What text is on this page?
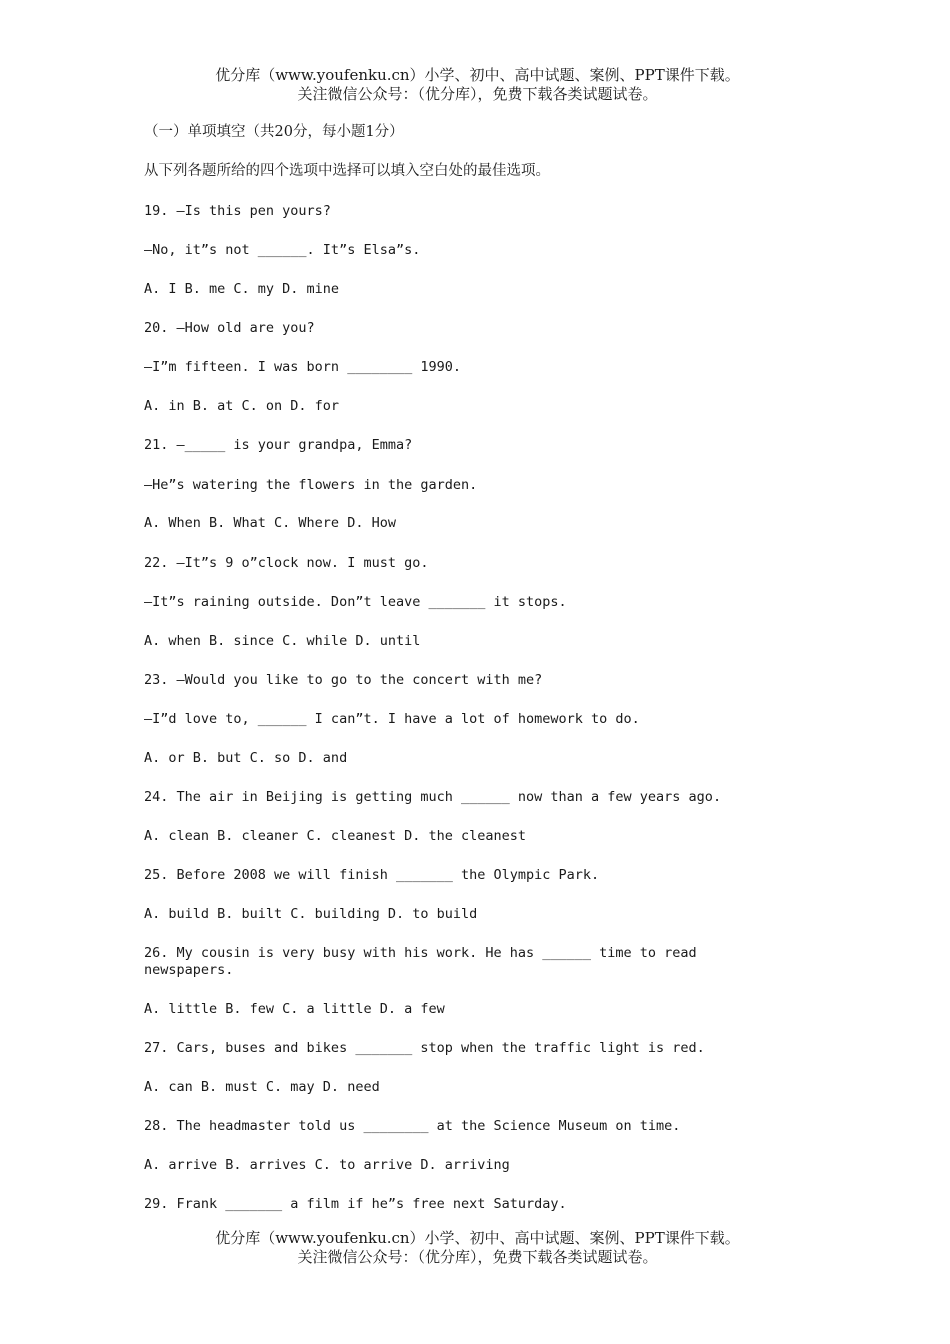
优分库（www.youfenku.cn）小学、初中、高中试题、案例、PPT课件下载。
关注微信公众号：（优分库），免费下载各类试题试卷。
（一）单项填空（共20分，每小题1分）
从下列各题所给的四个选项中选择可以填入空白处的最佳选项。
19. —Is this pen yours?
—No, it”s not ______. It”s Elsa”s.
A. I B. me C. my D. mine
20. —How old are you?
—I”m fifteen. I was born ________ 1990.
A. in B. at C. on D. for
21. —_____ is your grandpa, Emma?
—He”s watering the flowers in the garden.
A. When B. What C. Where D. How
22. —It”s 9 o”clock now. I must go.
—It”s raining outside. Don”t leave _______ it stops.
A. when B. since C. while D. until
23. —Would you like to go to the concert with me?
—I”d love to, ______ I can”t. I have a lot of homework to do.
A. or B. but C. so D. and
24. The air in Beijing is getting much ______ now than a few years ago.
A. clean B. cleaner C. cleanest D. the cleanest
25. Before 2008 we will finish _______ the Olympic Park.
A. build B. built C. building D. to build
26. My cousin is very busy with his work. He has ______ time to read newspapers.
A. little B. few C. a little D. a few
27. Cars, buses and bikes _______ stop when the traffic light is red.
A. can B. must C. may D. need
28. The headmaster told us ________ at the Science Museum on time.
A. arrive B. arrives C. to arrive D. arriving
29. Frank _______ a film if he”s free next Saturday.
优分库（www.youfenku.cn）小学、初中、高中试题、案例、PPT课件下载。
关注微信公众号：（优分库），免费下载各类试题试卷。
